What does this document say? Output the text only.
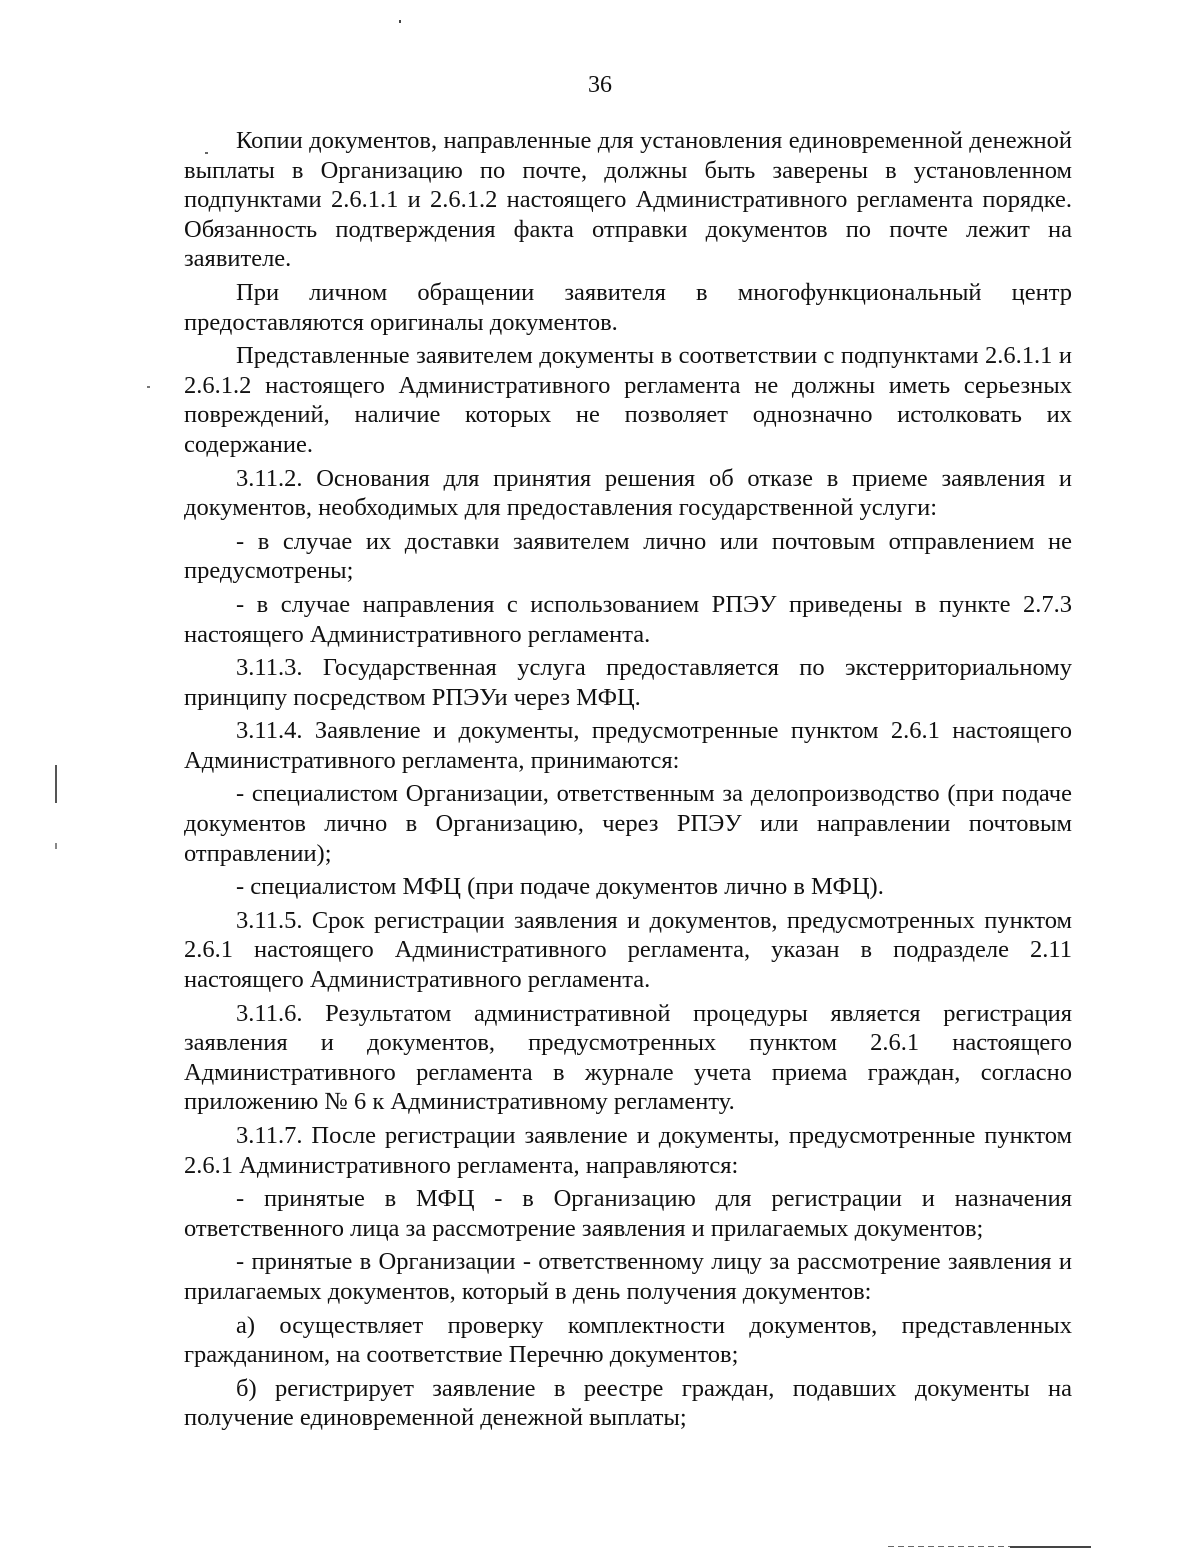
36

Копии документов, направленные для установления единовременной денежной выплаты в Организацию по почте, должны быть заверены в установленном подпунктами 2.6.1.1 и 2.6.1.2 настоящего Административного регламента порядке. Обязанность подтверждения факта отправки документов по почте лежит на заявителе.

При личном обращении заявителя в многофункциональный центр предоставляются оригиналы документов.

Представленные заявителем документы в соответствии с подпунктами 2.6.1.1 и 2.6.1.2 настоящего Административного регламента не должны иметь серьезных повреждений, наличие которых не позволяет однозначно истолковать их содержание.

3.11.2. Основания для принятия решения об отказе в приеме заявления и документов, необходимых для предоставления государственной услуги:

- в случае их доставки заявителем лично или почтовым отправлением не предусмотрены;

- в случае направления с использованием РПЭУ приведены в пункте 2.7.3 настоящего Административного регламента.

3.11.3. Государственная услуга предоставляется по экстерриториальному принципу посредством РПЭУи через МФЦ.

3.11.4. Заявление и документы, предусмотренные пунктом 2.6.1 настоящего Административного регламента, принимаются:

- специалистом Организации, ответственным за делопроизводство (при подаче документов лично в Организацию, через РПЭУ или направлении почтовым отправлении);

- специалистом МФЦ (при подаче документов лично в МФЦ).

3.11.5. Срок регистрации заявления и документов, предусмотренных пунктом 2.6.1 настоящего Административного регламента, указан в подразделе 2.11 настоящего Административного регламента.

3.11.6. Результатом административной процедуры является регистрация заявления и документов, предусмотренных пунктом 2.6.1 настоящего Административного регламента в журнале учета приема граждан, согласно приложению № 6 к Административному регламенту.

3.11.7. После регистрации заявление и документы, предусмотренные пунктом 2.6.1 Административного регламента, направляются:

- принятые в МФЦ - в Организацию для регистрации и назначения ответственного лица за рассмотрение заявления и прилагаемых документов;

- принятые в Организации - ответственному лицу за рассмотрение заявления и прилагаемых документов, который в день получения документов:

а) осуществляет проверку комплектности документов, представленных гражданином, на соответствие Перечню документов;

б) регистрирует заявление в реестре граждан, подавших документы на получение единовременной денежной выплаты;
